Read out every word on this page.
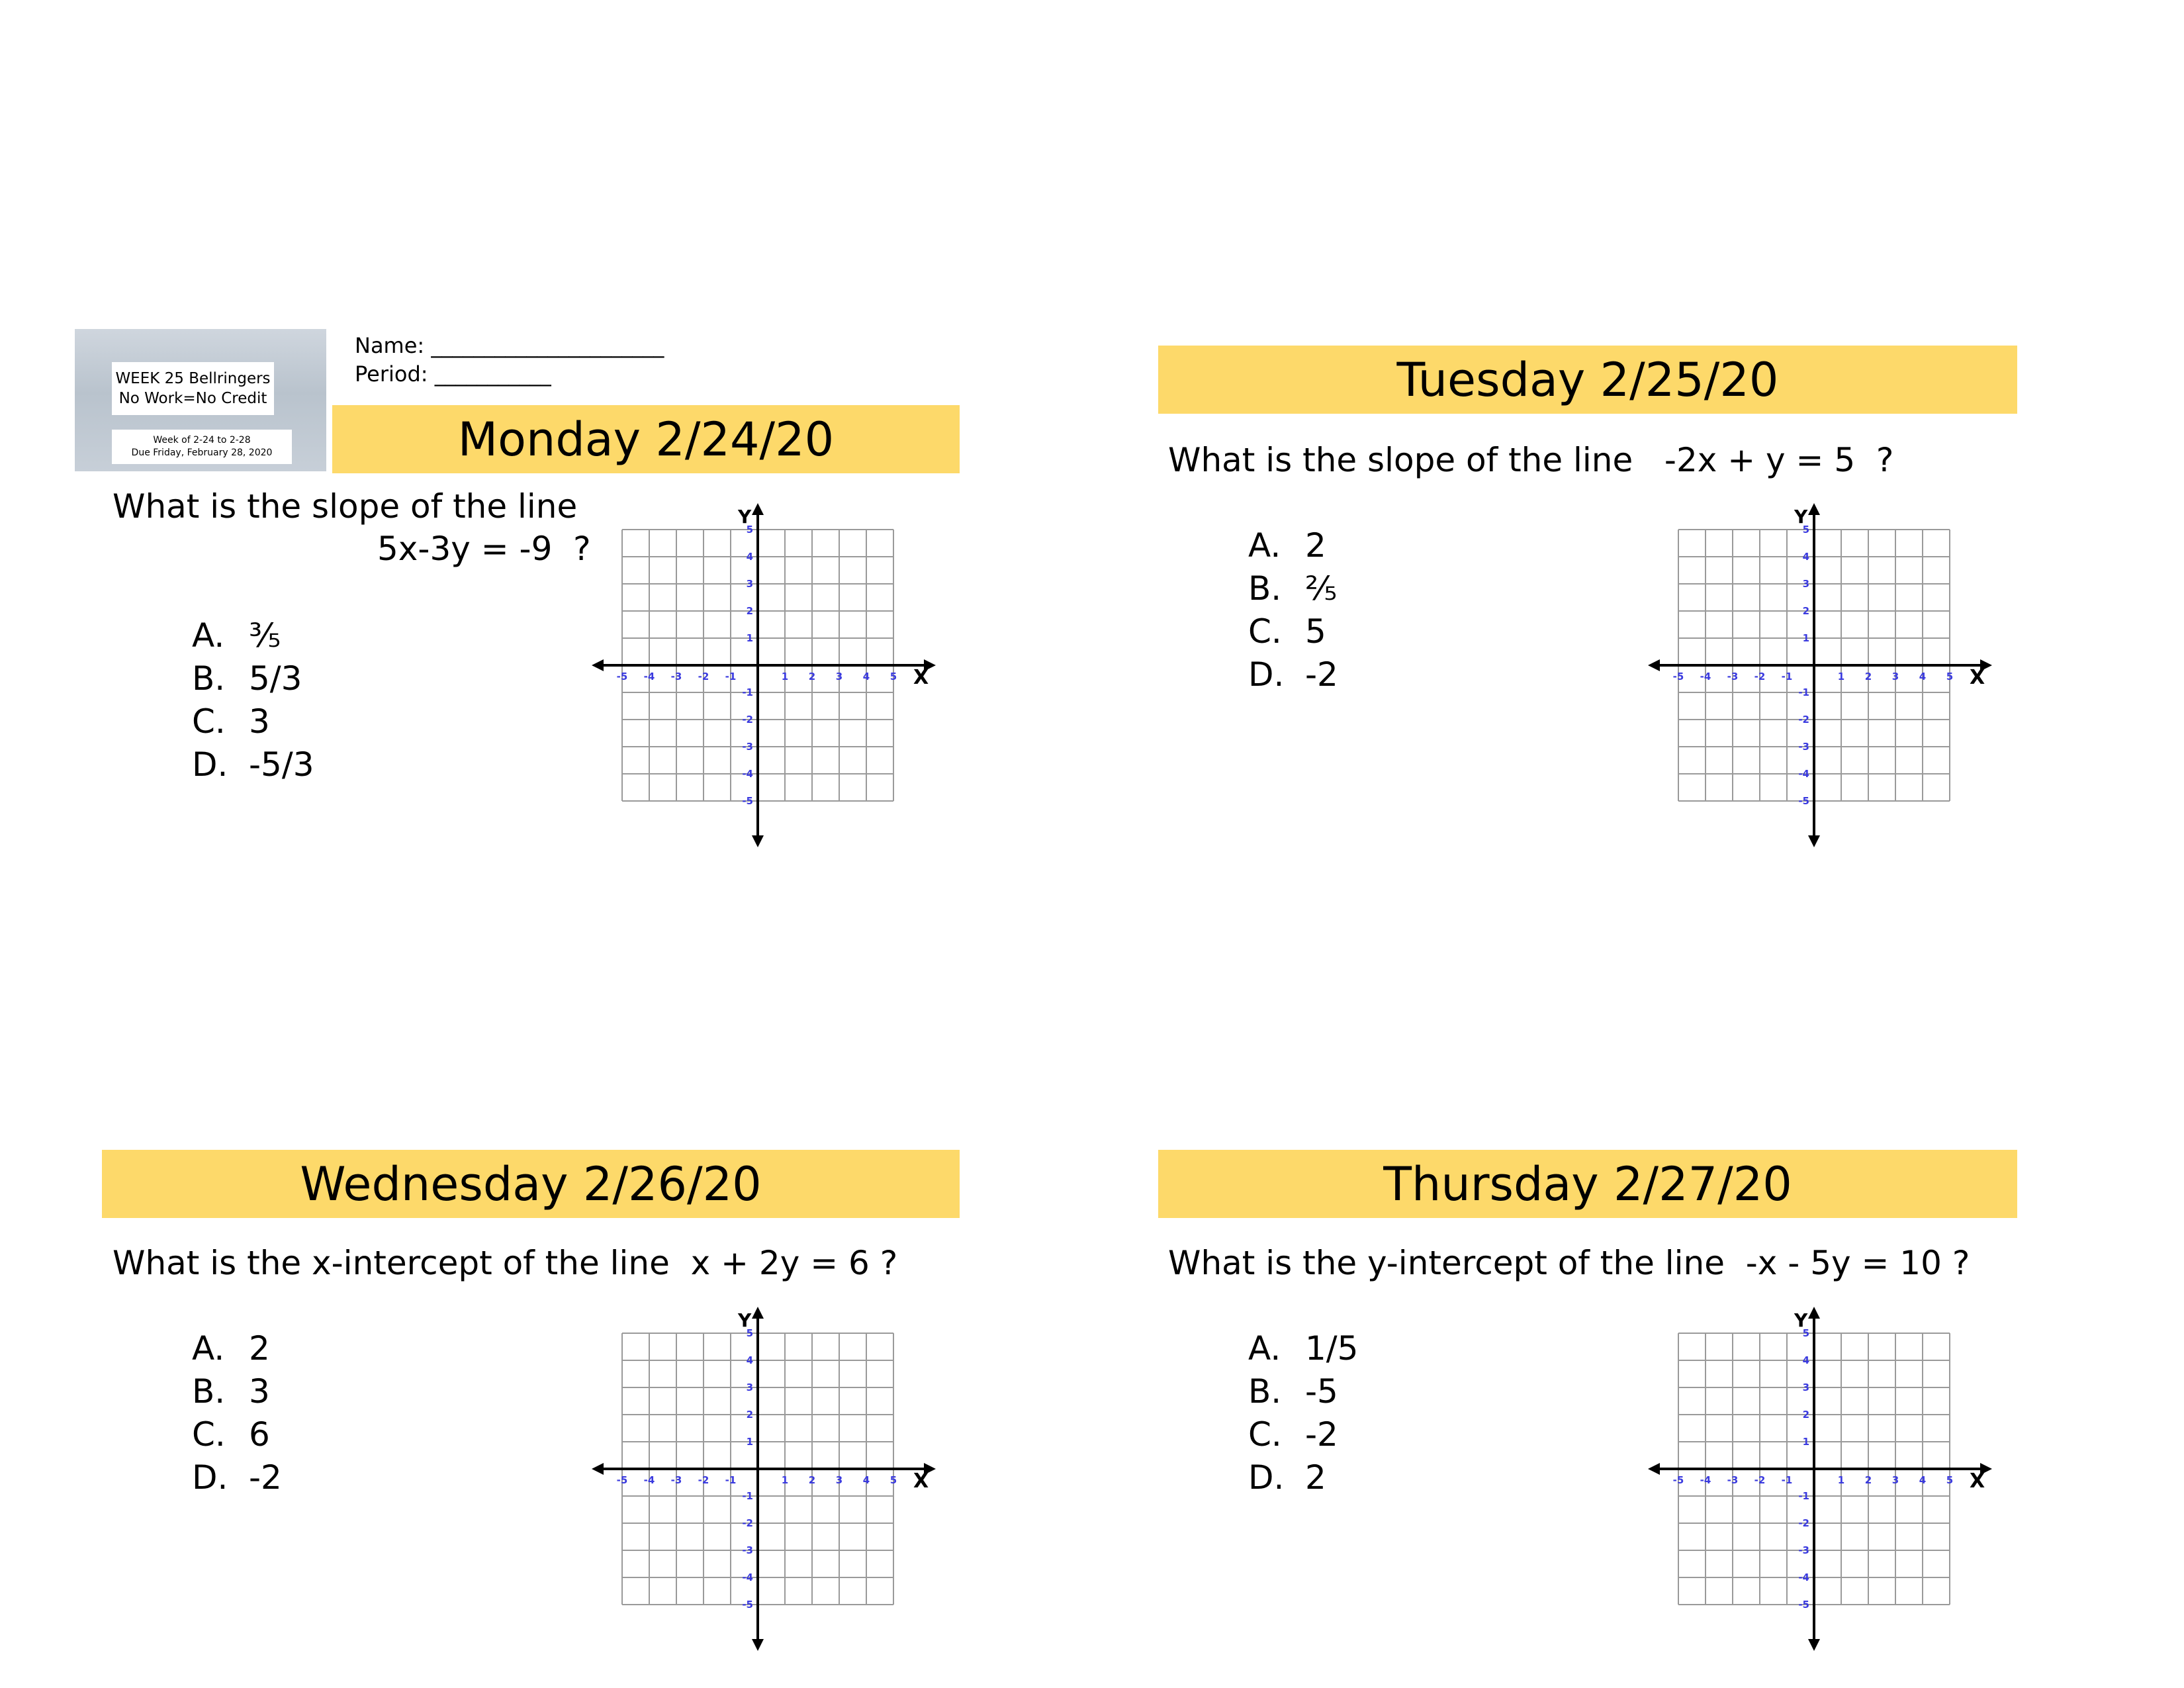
WEEK 25 Bellringers
No Work=No Credit
Week of 2-24 to 2-28
Due Friday, February 28, 2020
Name: ______________________
Period: ___________
Monday 2/24/20
What is the slope of the line
5x-3y = -9  ?
A. ⅗
B. 5/3
C. 3
D. -5/3
-5
-5
-4
-4
-3
-3
-2
-2
-1
-1
1
1
2
2
3
3
4
4
5
5
X
Y
Tuesday 2/25/20
What is the slope of the line   -2x + y = 5  ?
A. 2
B. ⅖
C. 5
D. -2	-5
-5
-4
-4
-3
-3
-2
-2
-1
-1
1
1
2
2
3
3
4
4
5
5
X
Y
Wednesday 2/26/20
What is the x-intercept of the line  x + 2y = 6 ?
A. 2
B. 3
C. 6
D. -2	-5
-5
-4
-4
-3
-3
-2
-2
-1
-1
1
1
2
2
3
3
4
4
5
5
X
Y
Thursday 2/27/20
What is the y-intercept of the line  -x - 5y = 10 ?
A. 1/5
B. -5
C. -2
D. 2	-5
-5
-4
-4
-3
-3
-2
-2
-1
-1
1
1
2
2
3
3
4
4
5
5
X
Y
